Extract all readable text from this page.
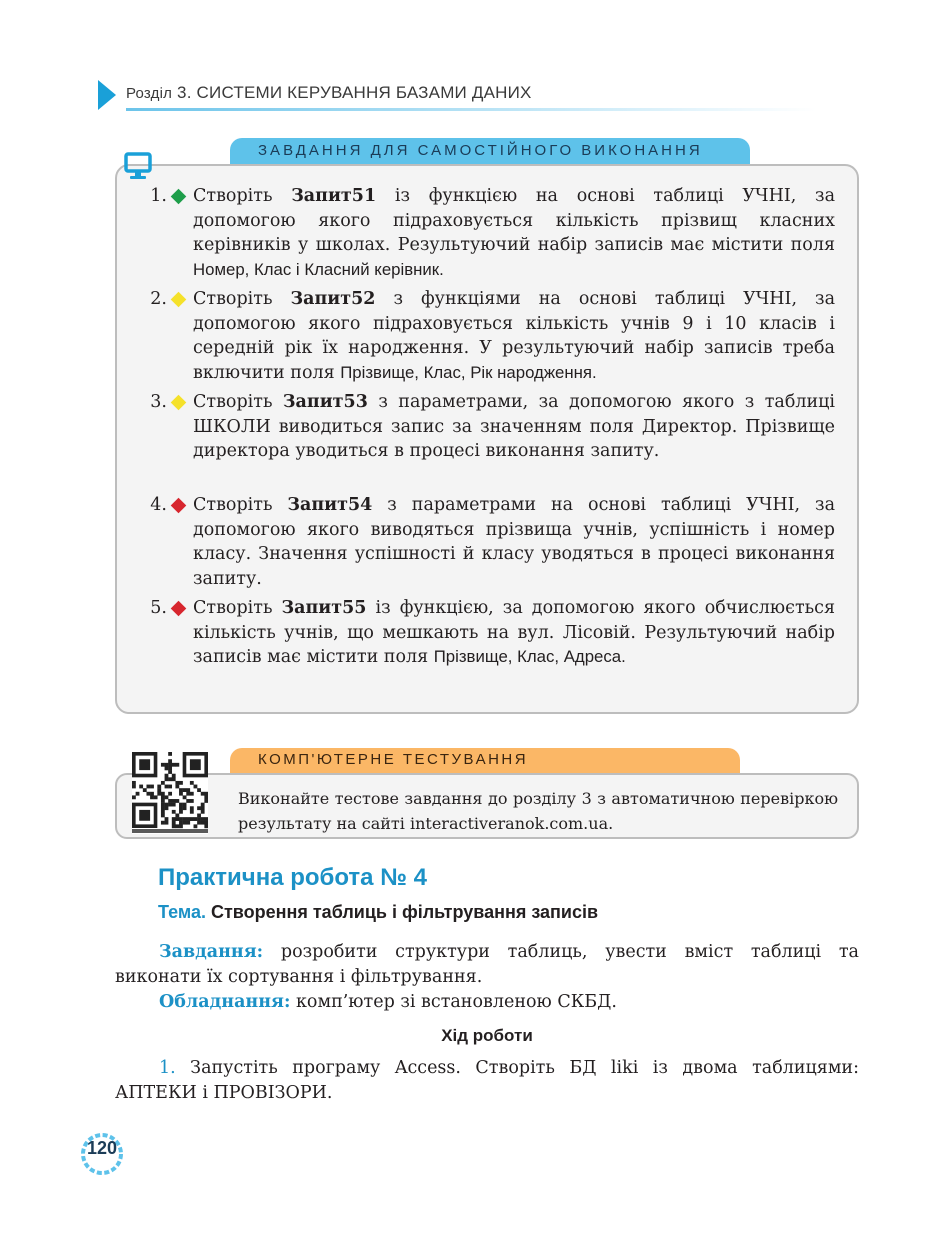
Розділ 3. СИСТЕМИ КЕРУВАННЯ БАЗАМИ ДАНИХ
ЗАВДАННЯ ДЛЯ САМОСТІЙНОГО ВИКОНАННЯ
1. Створіть Запит51 із функцією на основі таблиці УЧНІ, за допомогою якого підраховується кількість прізвищ класних керівників у школах. Результуючий набір записів має містити поля Номер, Клас і Класний керівник.
2. Створіть Запит52 з функціями на основі таблиці УЧНІ, за допомогою якого підраховується кількість учнів 9 і 10 класів і середній рік їх народження. У результуючий набір записів треба включити поля Прізвище, Клас, Рік народження.
3. Створіть Запит53 з параметрами, за допомогою якого з таблиці ШКОЛИ виводиться запис за значенням поля Директор. Прізвище директора уводиться в процесі виконання запиту.
4. Створіть Запит54 з параметрами на основі таблиці УЧНІ, за допомогою якого виводяться прізвища учнів, успішність і номер класу. Значення успішності й класу уводяться в процесі виконання запиту.
5. Створіть Запит55 із функцією, за допомогою якого обчислюється кількість учнів, що мешкають на вул. Лісовій. Результуючий набір записів має містити поля Прізвище, Клас, Адреса.
КОМП'ЮТЕРНЕ ТЕСТУВАННЯ
Виконайте тестове завдання до розділу 3 з автоматичною перевіркою результату на сайті interactiveranok.com.ua.
Практична робота № 4
Тема. Створення таблиць і фільтрування записів
Завдання: розробити структури таблиць, увести вміст таблиці та виконати їх сортування і фільтрування.
Обладнання: комп’ютер зі встановленою СКБД.
Хід роботи
1. Запустіть програму Access. Створіть БД liki із двома таблицями: АПТЕКИ і ПРОВІЗОРИ.
120
